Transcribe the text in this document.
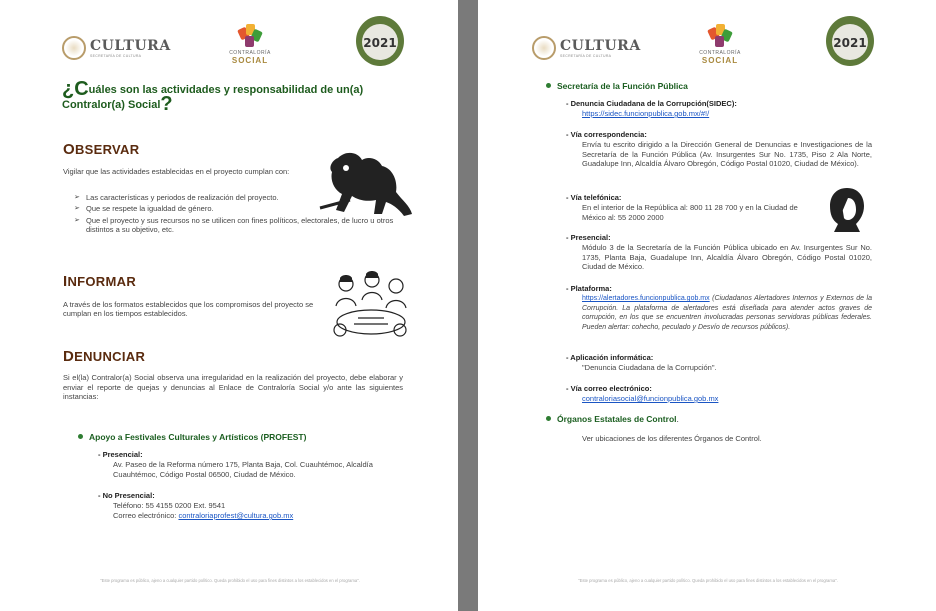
CULTURA
SECRETARÍA DE CULTURA	CONTRALORÍA
SOCIAL
2021
¿Cuáles son las actividades y responsabilidad de un(a) Contralor(a) Social?
OBSERVAR
Vigilar que las actividades establecidas en el proyecto cumplan con:
➢ Las características y periodos de realización del proyecto.
➢ Que se respete la igualdad de género.
➢ Que el proyecto y sus recursos no se utilicen con fines políticos, electorales, de lucro u otros distintos a su objetivo, etc.
INFORMAR
A través de los formatos establecidos que los compromisos del proyecto se cumplan en los tiempos establecidos.
DENUNCIAR
Si el(la) Contralor(a) Social observa una irregularidad en la realización del proyecto, debe elaborar y enviar el reporte de quejas y denuncias al Enlace de Contraloría Social y/o ante las siguientes instancias:
Apoyo a Festivales Culturales y Artísticos (PROFEST)
- Presencial:
Av. Paseo de la Reforma número 175, Planta Baja, Col. Cuauhtémoc, Alcaldía Cuauhtémoc, Código Postal 06500, Ciudad de México.
- No Presencial:
Teléfono: 55 4155 0200 Ext. 9541
Correo electrónico: contraloriaprofest@cultura.gob.mx
"Este programa es público, ajeno a cualquier partido político. Queda prohibido el uso para fines distintos a los establecidos en el programa".
CULTURA
SECRETARÍA DE CULTURA	CONTRALORÍA
SOCIAL
2021
Secretaría de la Función Pública
- Denuncia Ciudadana de la Corrupción(SIDEC):
https://sidec.funcionpublica.gob.mx/#!/
- Vía correspondencia:
Envía tu escrito dirigido a la Dirección General de Denuncias e Investigaciones de la Secretaría de la Función Pública (Av. Insurgentes Sur No. 1735, Piso 2 Ala Norte, Guadalupe Inn, Alcaldía Álvaro Obregón, Código Postal 01020, Ciudad de México).
- Vía telefónica:
En el interior de la República al: 800 11 28 700 y en la Ciudad de México al: 55 2000 2000
- Presencial:
Módulo 3 de la Secretaría de la Función Pública ubicado en Av. Insurgentes Sur No. 1735, Planta Baja, Guadalupe Inn, Alcaldía Álvaro Obregón, Código Postal 01020, Ciudad de México.
- Plataforma:
https://alertadores.funcionpublica.gob.mx (Ciudadanos Alertadores Internos y Externos de la Corrupción. La plataforma de alertadores está diseñada para atender actos graves de corrupción, en los que se encuentren involucradas personas servidoras públicas federales. Pueden alertar: cohecho, peculado y Desvío de recursos públicos).
- Aplicación informática:
"Denuncia Ciudadana de la Corrupción".
- Vía correo electrónico:
contraloriasocial@funcionpublica.gob.mx
Órganos Estatales de Control.
Ver ubicaciones de los diferentes Órganos de Control.
"Este programa es público, ajeno a cualquier partido político. Queda prohibido el uso para fines distintos a los establecidos en el programa".
